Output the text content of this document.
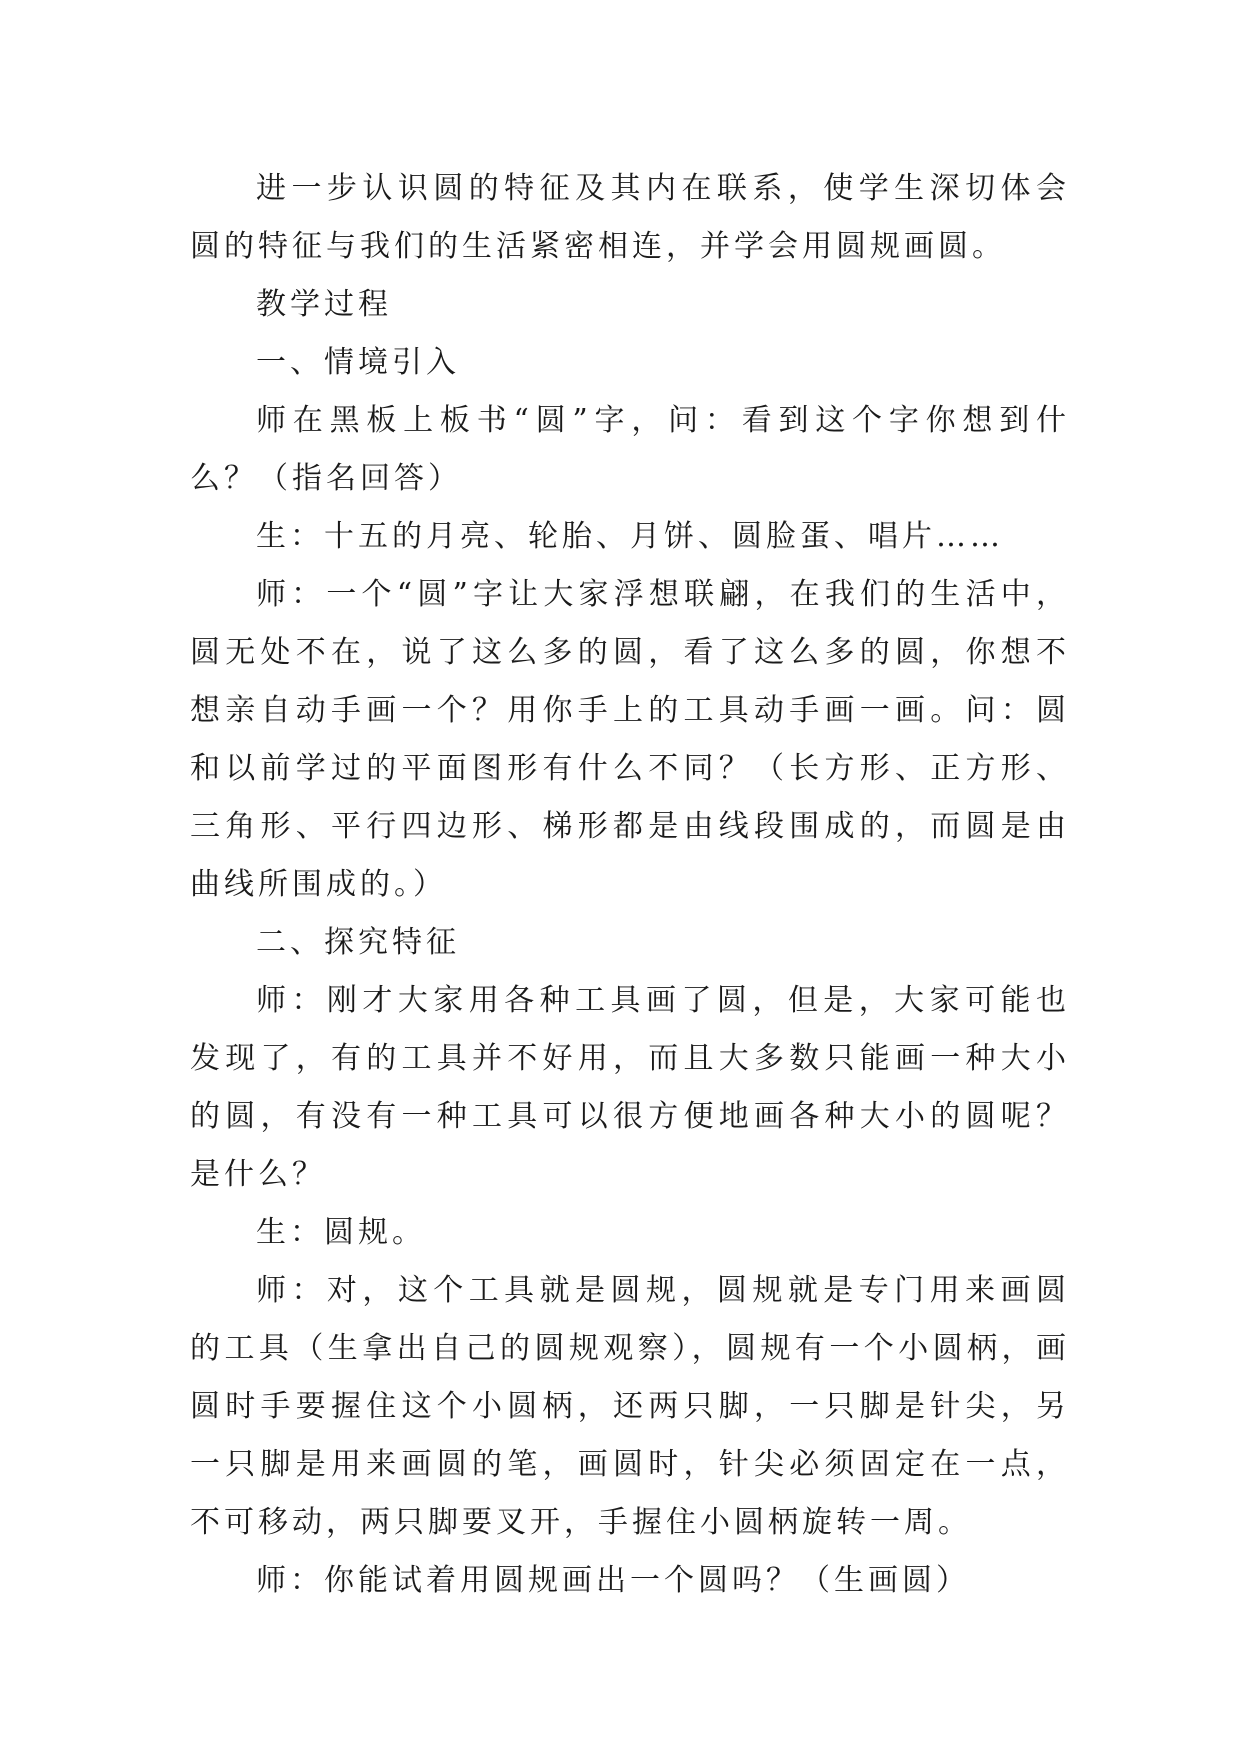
进一步认识圆的特征及其内在联系，使学生深切体会圆的特征与我们的生活紧密相连，并学会用圆规画圆。

教学过程

一、情境引入

师在黑板上板书“圆”字，问：看到这个字你想到什么？（指名回答）

生：十五的月亮、轮胎、月饼、圆脸蛋、唱片……

师：一个“圆”字让大家浮想联翩，在我们的生活中，圆无处不在，说了这么多的圆，看了这么多的圆，你想不想亲自动手画一个？用你手上的工具动手画一画。问：圆和以前学过的平面图形有什么不同？（长方形、正方形、三角形、平行四边形、梯形都是由线段围成的，而圆是由曲线所围成的。）

二、探究特征

师：刚才大家用各种工具画了圆，但是，大家可能也发现了，有的工具并不好用，而且大多数只能画一种大小的圆，有没有一种工具可以很方便地画各种大小的圆呢？是什么？

生：圆规。

师：对，这个工具就是圆规，圆规就是专门用来画圆的工具（生拿出自己的圆规观察），圆规有一个小圆柄，画圆时手要握住这个小圆柄，还两只脚，一只脚是针尖，另一只脚是用来画圆的笔，画圆时，针尖必须固定在一点，不可移动，两只脚要叉开，手握住小圆柄旋转一周。

师：你能试着用圆规画出一个圆吗？（生画圆）
